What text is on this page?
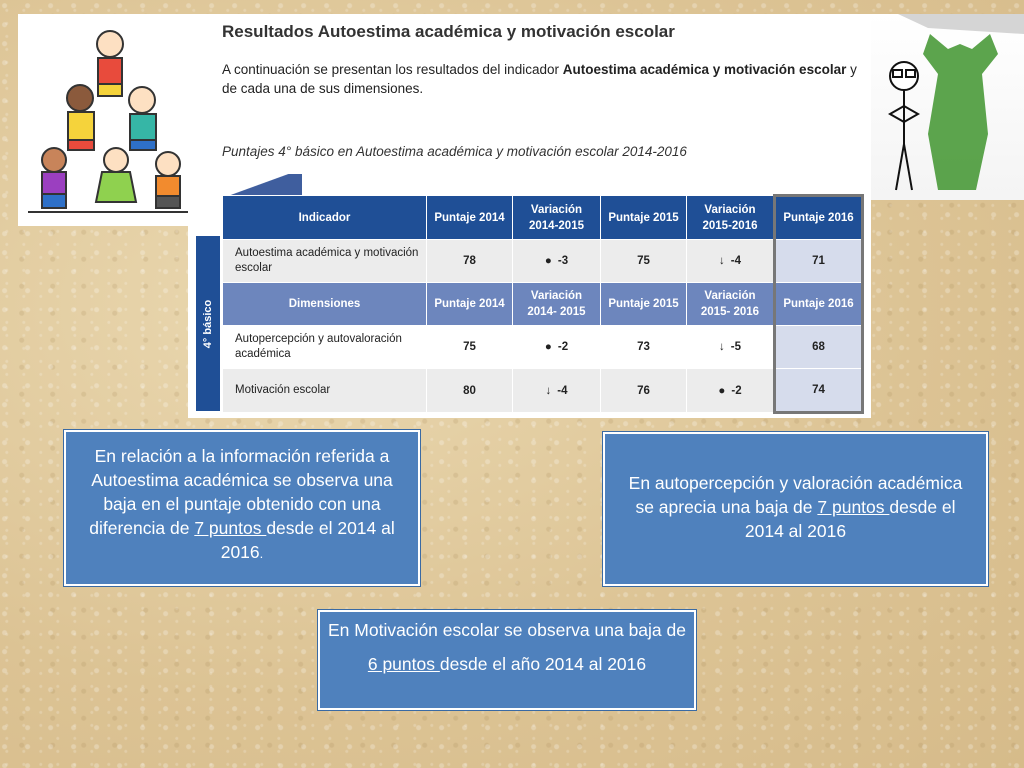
Resultados Autoestima académica y motivación escolar
A continuación se presentan los resultados del indicador Autoestima académica y motivación escolar y de cada una de sus dimensiones.
Puntajes 4° básico en Autoestima académica y motivación escolar 2014-2016
4° básico
Indicador	Puntaje 2014	Variación 2014-2015	Puntaje 2015	Variación 2015-2016	Puntaje 2016
Autoestima académica y motivación escolar	78	● -3	75	↓ -4	71
Dimensiones	Puntaje 2014	Variación 2014- 2015	Puntaje 2015	Variación 2015- 2016	Puntaje 2016
Autopercepción y autovaloración académica	75	● -2	73	↓ -5	68
Motivación escolar	80	↓ -4	76	● -2	74
En relación a la información referida a Autoestima académica se observa una baja en el puntaje obtenido con una diferencia de 7 puntos desde el 2014 al 2016.
En autopercepción y valoración académica se aprecia una baja de 7 puntos desde el 2014 al 2016
En Motivación escolar se observa una baja de
6 puntos desde el año 2014 al 2016
